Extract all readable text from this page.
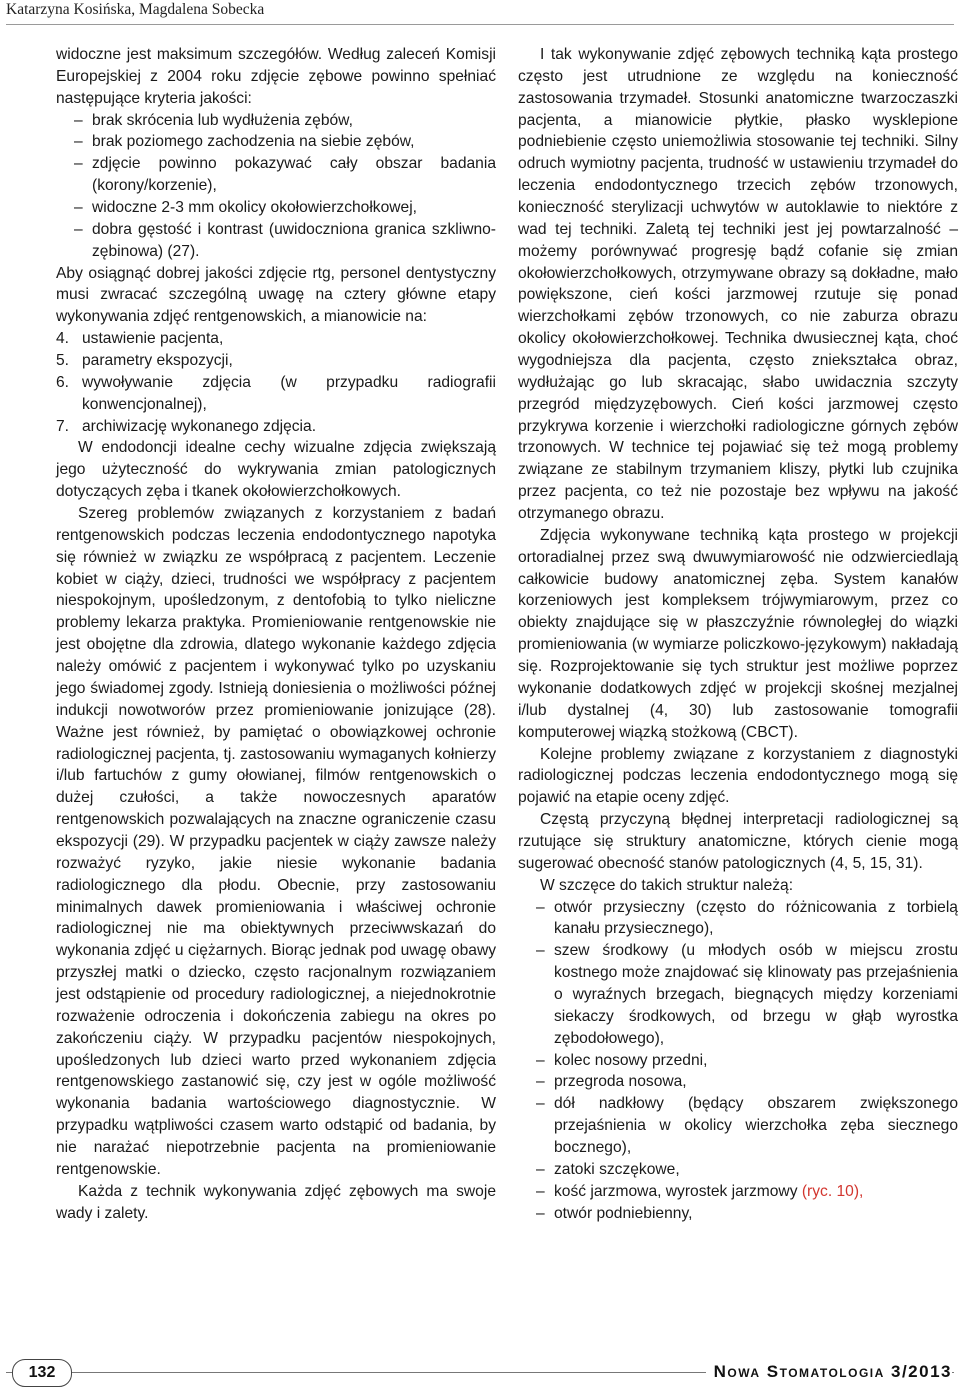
Katarzyna Kosińska, Magdalena Sobecka

widoczne jest maksimum szczegółów. Według zaleceń Komisji Europejskiej z 2004 roku zdjęcie zębowe powinno spełniać następujące kryteria jakości:

– brak skrócenia lub wydłużenia zębów,

– brak poziomego zachodzenia na siebie zębów,

– zdjęcie powinno pokazywać cały obszar badania (korony/korzenie),

– widoczne 2-3 mm okolicy okołowierzchołkowej,

– dobra gęstość i kontrast (uwidoczniona granica szkliwno-zębinowa) (27).

Aby osiągnąć dobrej jakości zdjęcie rtg, personel dentystyczny musi zwracać szczególną uwagę na cztery główne etapy wykonywania zdjęć rentgenowskich, a mianowicie na:

4. ustawienie pacjenta,

5. parametry ekspozycji,

6. wywoływanie zdjęcia (w przypadku radiografii konwencjonalnej),

7. archiwizację wykonanego zdjęcia.

W endodoncji idealne cechy wizualne zdjęcia zwiększają jego użyteczność do wykrywania zmian patologicznych dotyczących zęba i tkanek okołowierzchołkowych.

Szereg problemów związanych z korzystaniem z badań rentgenowskich podczas leczenia endodontycznego napotyka się również w związku ze współpracą z pacjentem. Leczenie kobiet w ciąży, dzieci, trudności we współpracy z pacjentem niespokojnym, upośledzonym, z dentofobią to tylko nieliczne problemy lekarza praktyka. Promieniowanie rentgenowskie nie jest obojętne dla zdrowia, dlatego wykonanie każdego zdjęcia należy omówić z pacjentem i wykonywać tylko po uzyskaniu jego świadomej zgody. Istnieją doniesienia o możliwości późnej indukcji nowotworów przez promieniowanie jonizujące (28). Ważne jest również, by pamiętać o obowiązkowej ochronie radiologicznej pacjenta, tj. zastosowaniu wymaganych kołnierzy i/lub fartuchów z gumy ołowianej, filmów rentgenowskich o dużej czułości, a także nowoczesnych aparatów rentgenowskich pozwalających na znaczne ograniczenie czasu ekspozycji (29). W przypadku pacjentek w ciąży zawsze należy rozważyć ryzyko, jakie niesie wykonanie badania radiologicznego dla płodu. Obecnie, przy zastosowaniu minimalnych dawek promieniowania i właściwej ochronie radiologicznej nie ma obiektywnych przeciwwskazań do wykonania zdjęć u ciężarnych. Biorąc jednak pod uwagę obawy przyszłej matki o dziecko, często racjonalnym rozwiązaniem jest odstąpienie od procedury radiologicznej, a niejednokrotnie rozważenie odroczenia i dokończenia zabiegu na okres po zakończeniu ciąży. W przypadku pacjentów niespokojnych, upośledzonych lub dzieci warto przed wykonaniem zdjęcia rentgenowskiego zastanowić się, czy jest w ogóle możliwość wykonania badania wartościowego diagnostycznie. W przypadku wątpliwości czasem warto odstąpić od badania, by nie narażać niepotrzebnie pacjenta na promieniowanie rentgenowskie.

Każda z technik wykonywania zdjęć zębowych ma swoje wady i zalety.

I tak wykonywanie zdjęć zębowych techniką kąta prostego często jest utrudnione ze względu na konieczność zastosowania trzymadeł. Stosunki anatomiczne twarzoczaszki pacjenta, a mianowicie płytkie, płasko wysklepione podniebienie często uniemożliwia stosowanie tej techniki. Silny odruch wymiotny pacjenta, trudność w ustawieniu trzymadeł do leczenia endodontycznego trzecich zębów trzonowych, konieczność sterylizacji uchwytów w autoklawie to niektóre z wad tej techniki. Zaletą tej techniki jest jej powtarzalność – możemy porównywać progresję bądź cofanie się zmian okołowierzchołkowych, otrzymywane obrazy są dokładne, mało powiększone, cień kości jarzmowej rzutuje się ponad wierzchołkami zębów trzonowych, co nie zaburza obrazu okolicy okołowierzchołkowej. Technika dwusiecznej kąta, choć wygodniejsza dla pacjenta, często zniekształca obraz, wydłużając go lub skracając, słabo uwidacznia szczyty przegród międzyzębowych. Cień kości jarzmowej często przykrywa korzenie i wierzchołki radiologiczne górnych zębów trzonowych. W technice tej pojawiać się też mogą problemy związane ze stabilnym trzymaniem kliszy, płytki lub czujnika przez pacjenta, co też nie pozostaje bez wpływu na jakość otrzymanego obrazu.

Zdjęcia wykonywane techniką kąta prostego w projekcji ortoradialnej przez swą dwuwymiarowość nie odzwierciedlają całkowicie budowy anatomicznej zęba. System kanałów korzeniowych jest kompleksem trójwymiarowym, przez co obiekty znajdujące się w płaszczyźnie równoległej do wiązki promieniowania (w wymiarze policzkowo-językowym) nakładają się. Rozprojektowanie się tych struktur jest możliwe poprzez wykonanie dodatkowych zdjęć w projekcji skośnej mezjalnej i/lub dystalnej (4, 30) lub zastosowanie tomografii komputerowej wiązką stożkową (CBCT).

Kolejne problemy związane z korzystaniem z diagnostyki radiologicznej podczas leczenia endodontycznego mogą się pojawić na etapie oceny zdjęć.

Częstą przyczyną błędnej interpretacji radiologicznej są rzutujące się struktury anatomiczne, których cienie mogą sugerować obecność stanów patologicznych (4, 5, 15, 31).

W szczęce do takich struktur należą:

– otwór przysieczny (często do różnicowania z torbielą kanału przysiecznego),

– szew środkowy (u młodych osób w miejscu zrostu kostnego może znajdować się klinowaty pas przejaśnienia o wyraźnych brzegach, biegnących między korzeniami siekaczy środkowych, od brzegu w głąb wyrostka zębodołowego),

– kolec nosowy przedni,

– przegroda nosowa,

– dół nadkłowy (będący obszarem zwiększonego przejaśnienia w okolicy wierzchołka zęba siecznego bocznego),

– zatoki szczękowe,

– kość jarzmowa, wyrostek jarzmowy (ryc. 10),

– otwór podniebienny,

132	Nowa Stomatologia 3/2013
